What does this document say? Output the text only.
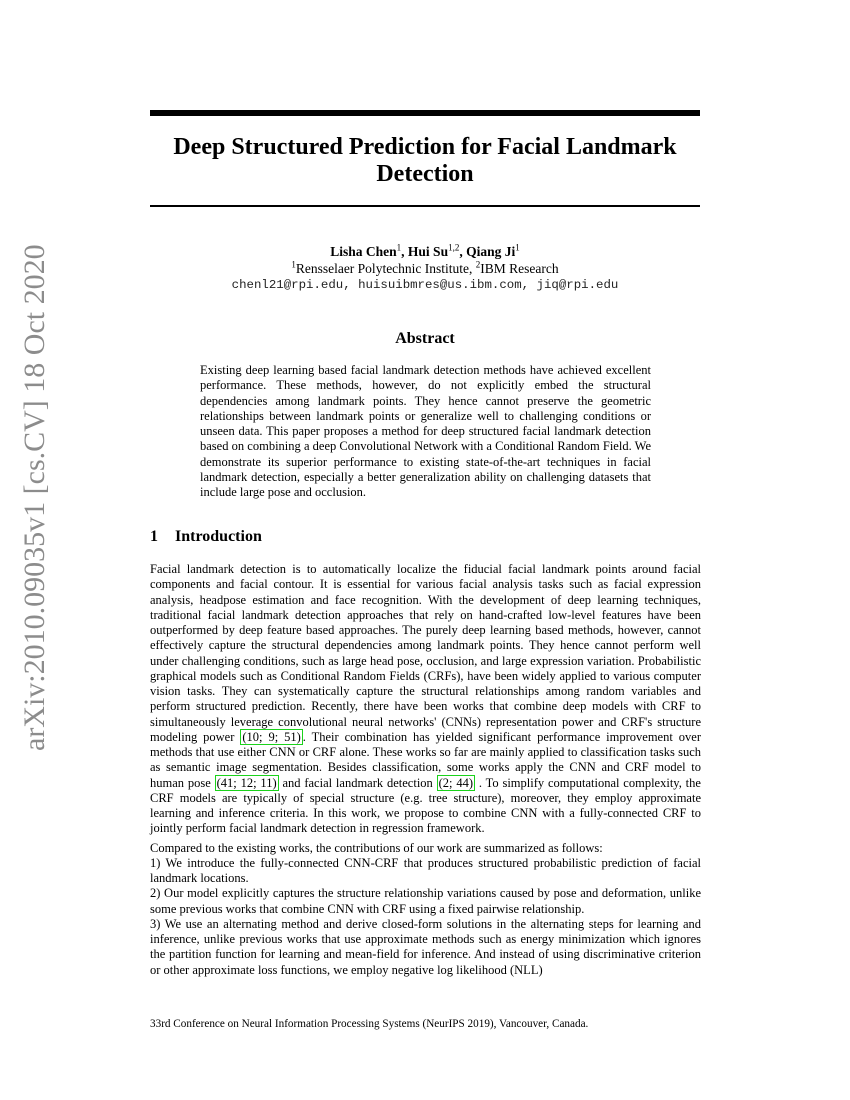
arXiv:2010.09035v1 [cs.CV] 18 Oct 2020
Deep Structured Prediction for Facial Landmark
Detection
Lisha Chen$^1$, Hui Su$^{1,2}$, Qiang Ji$^1$
$^1$Rensselaer Polytechnic Institute, $^2$IBM Research
chenl21@rpi.edu, huisuibmres@us.ibm.com, jiq@rpi.edu
Abstract
Existing deep learning based facial landmark detection methods have achieved excellent performance. These methods, however, do not explicitly embed the structural dependencies among landmark points. They hence cannot preserve the geometric relationships between landmark points or generalize well to challenging conditions or unseen data. This paper proposes a method for deep structured facial landmark detection based on combining a deep Convolutional Network with a Conditional Random Field. We demonstrate its superior performance to existing state-of-the-art techniques in facial landmark detection, especially a better generalization ability on challenging datasets that include large pose and occlusion.
1 Introduction

Facial landmark detection is to automatically localize the fiducial facial landmark points around facial components and facial contour. It is essential for various facial analysis tasks such as facial expression analysis, headpose estimation and face recognition. With the development of deep learning techniques, traditional facial landmark detection approaches that rely on hand-crafted low-level features have been outperformed by deep feature based approaches. The purely deep learning based methods, however, cannot effectively capture the structural dependencies among landmark points. They hence cannot perform well under challenging conditions, such as large head pose, occlusion, and large expression variation. Probabilistic graphical models such as Conditional Random Fields (CRFs), have been widely applied to various computer vision tasks. They can systematically capture the structural relationships among random variables and perform structured prediction. Recently, there have been works that combine deep models with CRF to simultaneously leverage convolutional neural networks' (CNNs) representation power and CRF's structure modeling power (10; 9; 51) . Their combination has yielded significant performance improvement over methods that use either CNN or CRF alone. These works so far are mainly applied to classification tasks such as semantic image segmentation. Besides classification, some works apply the CNN and CRF model to human pose (41; 12; 11) and facial landmark detection (2; 44) . To simplify computational complexity, the CRF models are typically of special structure (e.g. tree structure), moreover, they employ approximate learning and inference criteria. In this work, we propose to combine CNN with a fully-connected CRF to jointly perform facial landmark detection in regression framework.

Compared to the existing works, the contributions of our work are summarized as follows:
1) We introduce the fully-connected CNN-CRF that produces structured probabilistic prediction of facial landmark locations.
2) Our model explicitly captures the structure relationship variations caused by pose and deformation, unlike some previous works that combine CNN with CRF using a fixed pairwise relationship.
3) We use an alternating method and derive closed-form solutions in the alternating steps for learning and inference, unlike previous works that use approximate methods such as energy minimization which ignores the partition function for learning and mean-field for inference. And instead of using discriminative criterion or other approximate loss functions, we employ negative log likelihood (NLL)

33rd Conference on Neural Information Processing Systems (NeurIPS 2019), Vancouver, Canada.
